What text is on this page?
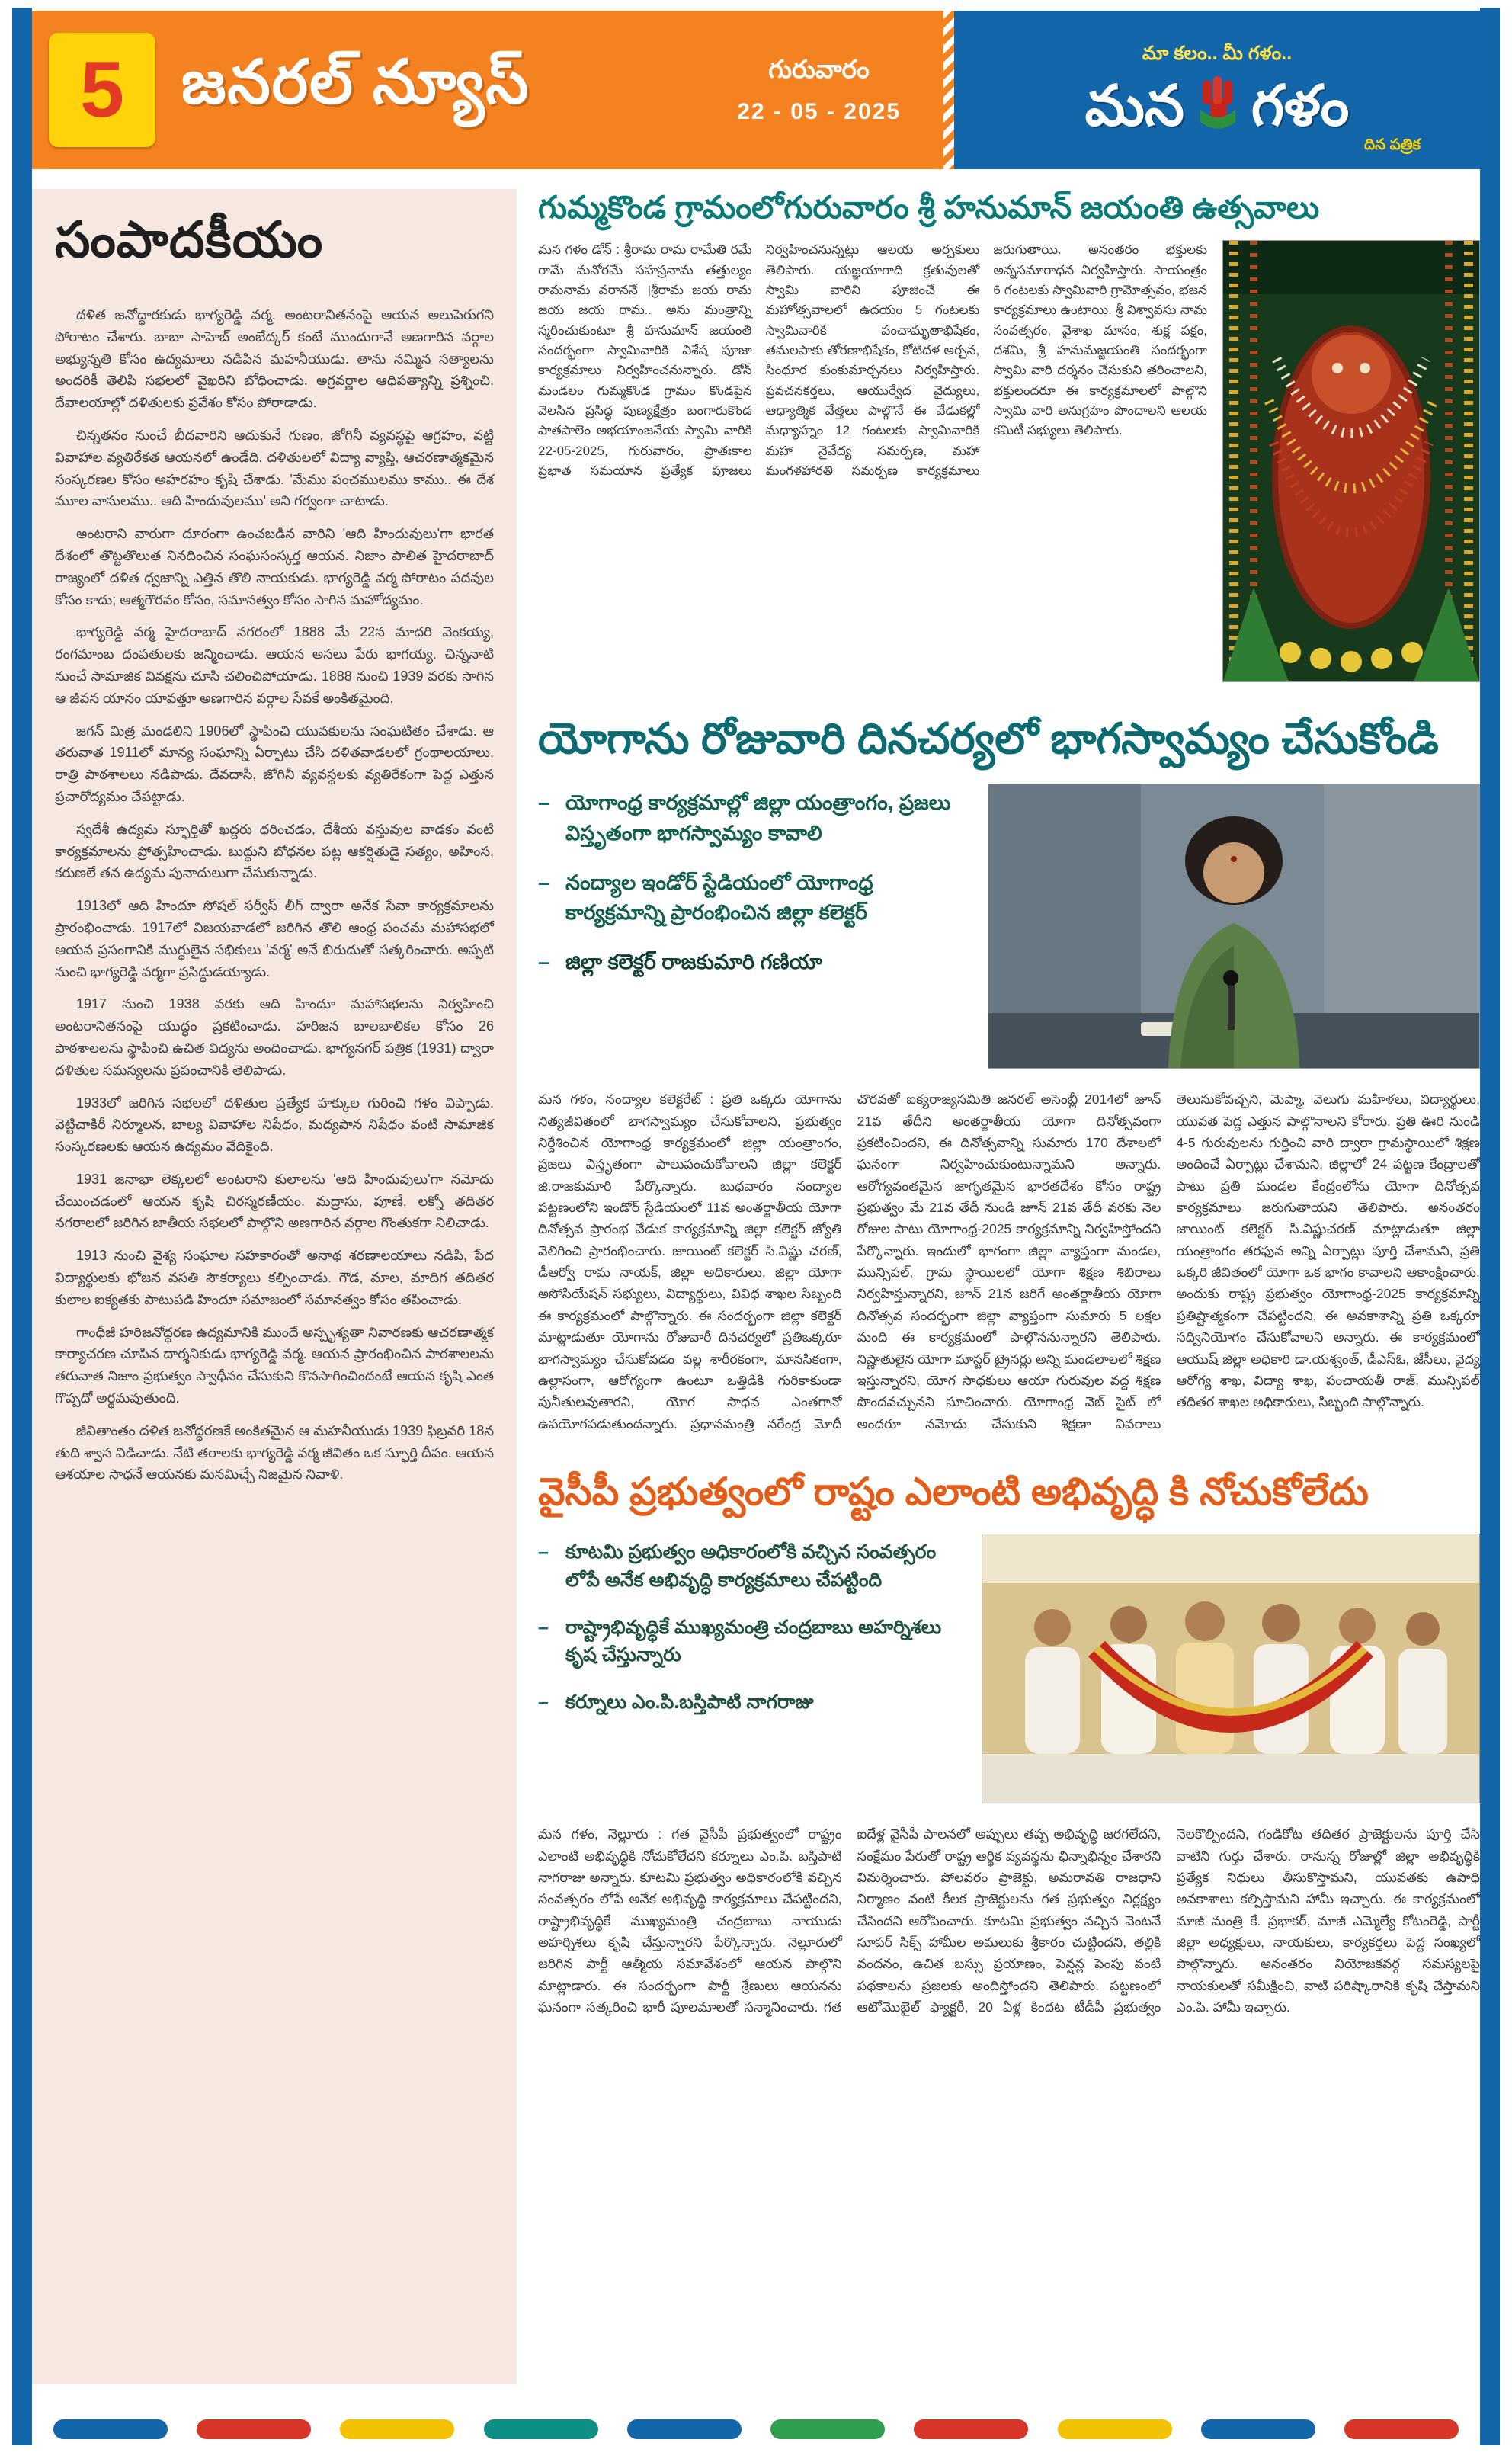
5 జనరల్ న్యూస్	గురువారం
22 - 05 - 2025
మా కలం.. మీ గళం..
మన గళం
దిన పత్రిక
సంపాదకీయం

దళిత జనోద్ధారకుడు భాగ్యరెడ్డి వర్మ. అంటరానితనంపై ఆయన అలుపెరుగని పోరాటం చేశారు. బాబా సాహెబ్ అంబేద్కర్ కంటే ముందుగానే అణగారిన వర్గాల అభ్యున్నతి కోసం ఉద్యమాలు నడిపిన మహనీయుడు. తాను నమ్మిన సత్యాలను అందరికీ తెలిపి సభలలో వైఖరిని బోధించాడు. అగ్రవర్ణాల ఆధిపత్యాన్ని ప్రశ్నించి, దేవాలయాల్లో దళితులకు ప్రవేశం కోసం పోరాడాడు.

చిన్నతనం నుంచే బీదవారిని ఆదుకునే గుణం, జోగినీ వ్యవస్థపై ఆగ్రహం, వట్టి వివాహాల వ్యతిరేకత ఆయనలో ఉండేది. దళితులలో విద్యా వ్యాప్తి, ఆచరణాత్మకమైన సంస్కరణల కోసం అహరహం కృషి చేశాడు. 'మేము పంచములము కాము.. ఈ దేశ మూల వాసులము.. ఆది హిందువులము' అని గర్వంగా చాటాడు.

అంటరాని వారుగా దూరంగా ఉంచబడిన వారిని 'ఆది హిందువులు'గా భారత దేశంలో తొట్టతొలుత నినదించిన సంఘసంస్కర్త ఆయన. నిజాం పాలిత హైదరాబాద్ రాజ్యంలో దళిత ధ్వజాన్ని ఎత్తిన తొలి నాయకుడు. భాగ్యరెడ్డి వర్మ పోరాటం పదవుల కోసం కాదు; ఆత్మగౌరవం కోసం, సమానత్వం కోసం సాగిన మహోద్యమం.

భాగ్యరెడ్డి వర్మ హైదరాబాద్ నగరంలో 1888 మే 22న మాదరి వెంకయ్య, రంగమాంబ దంపతులకు జన్మించాడు. ఆయన అసలు పేరు భాగయ్య. చిన్ననాటి నుంచే సామాజిక వివక్షను చూసి చలించిపోయాడు. 1888 నుంచి 1939 వరకు సాగిన ఆ జీవన యానం యావత్తూ అణగారిన వర్గాల సేవకే అంకితమైంది.

జగన్ మిత్ర మండలిని 1906లో స్థాపించి యువకులను సంఘటితం చేశాడు. ఆ తరువాత 1911లో మాన్య సంఘాన్ని ఏర్పాటు చేసి దళితవాడలలో గ్రంథాలయాలు, రాత్రి పాఠశాలలు నడిపాడు. దేవదాసీ, జోగినీ వ్యవస్థలకు వ్యతిరేకంగా పెద్ద ఎత్తున ప్రచారోద్యమం చేపట్టాడు.

స్వదేశీ ఉద్యమ స్ఫూర్తితో ఖద్దరు ధరించడం, దేశీయ వస్తువుల వాడకం వంటి కార్యక్రమాలను ప్రోత్సహించాడు. బుద్ధుని బోధనల పట్ల ఆకర్షితుడై సత్యం, అహింస, కరుణలే తన ఉద్యమ పునాదులుగా చేసుకున్నాడు.

1913లో ఆది హిందూ సోషల్ సర్వీస్ లీగ్ ద్వారా అనేక సేవా కార్యక్రమాలను ప్రారంభించాడు. 1917లో విజయవాడలో జరిగిన తొలి ఆంధ్ర పంచమ మహాసభలో ఆయన ప్రసంగానికి ముగ్ధులైన సభికులు 'వర్మ' అనే బిరుదుతో సత్కరించారు. అప్పటి నుంచి భాగ్యరెడ్డి వర్మగా ప్రసిద్ధుడయ్యాడు.

1917 నుంచి 1938 వరకు ఆది హిందూ మహాసభలను నిర్వహించి అంటరానితనంపై యుద్ధం ప్రకటించాడు. హరిజన బాలబాలికల కోసం 26 పాఠశాలలను స్థాపించి ఉచిత విద్యను అందించాడు. భాగ్యనగర్ పత్రిక (1931) ద్వారా దళితుల సమస్యలను ప్రపంచానికి తెలిపాడు.

1933లో జరిగిన సభలలో దళితుల ప్రత్యేక హక్కుల గురించి గళం విప్పాడు. వెట్టిచాకిరీ నిర్మూలన, బాల్య వివాహాల నిషేధం, మద్యపాన నిషేధం వంటి సామాజిక సంస్కరణలకు ఆయన ఉద్యమం వేదికైంది.

1931 జనాభా లెక్కలలో అంటరాని కులాలను 'ఆది హిందువులు'గా నమోదు చేయించడంలో ఆయన కృషి చిరస్మరణీయం. మద్రాసు, పూణే, లక్నో తదితర నగరాలలో జరిగిన జాతీయ సభలలో పాల్గొని అణగారిన వర్గాల గొంతుకగా నిలిచాడు.

1913 నుంచి వైశ్య సంఘాల సహకారంతో అనాథ శరణాలయాలు నడిపి, పేద విద్యార్థులకు భోజన వసతి సౌకర్యాలు కల్పించాడు. గౌడ, మాల, మాదిగ తదితర కులాల ఐక్యతకు పాటుపడి హిందూ సమాజంలో సమానత్వం కోసం తపించాడు.

గాంధీజీ హరిజనోద్ధరణ ఉద్యమానికి ముందే అస్పృశ్యతా నివారణకు ఆచరణాత్మక కార్యాచరణ చూపిన దార్శనికుడు భాగ్యరెడ్డి వర్మ. ఆయన ప్రారంభించిన పాఠశాలలను తరువాత నిజాం ప్రభుత్వం స్వాధీనం చేసుకుని కొనసాగించిందంటే ఆయన కృషి ఎంత గొప్పదో అర్థమవుతుంది.

జీవితాంతం దళిత జనోద్ధరణకే అంకితమైన ఆ మహనీయుడు 1939 ఫిబ్రవరి 18న తుది శ్వాస విడిచాడు. నేటి తరాలకు భాగ్యరెడ్డి వర్మ జీవితం ఒక స్ఫూర్తి దీపం. ఆయన ఆశయాల సాధనే ఆయనకు మనమిచ్చే నిజమైన నివాళి.

గుమ్మకొండ గ్రామంలోగురువారం శ్రీ హనుమాన్ జయంతి ఉత్సవాలు
మన గళం డోన్ : శ్రీరామ రామ రామేతి రమే రామే మనోరమే సహస్రనామ తత్తుల్యం రామనామ వరాననే ।శ్రీరామ జయ రామ జయ జయ రామ.. అను మంత్రాన్ని స్మరించుకుంటూ శ్రీ హనుమాన్ జయంతి సందర్భంగా స్వామివారికి విశేష పూజా కార్యక్రమాలు నిర్వహించనున్నారు. డోన్ మండలం గుమ్మకొండ గ్రామం కొండపైన వెలసిన ప్రసిద్ధ పుణ్యక్షేత్రం బంగారుకొండ పాతపాలెం అభయాంజనేయ స్వామి వారికి 22-05-2025, గురువారం, ప్రాతఃకాల ప్రభాత సమయాన ప్రత్యేక పూజలు నిర్వహించనున్నట్లు ఆలయ అర్చకులు తెలిపారు. యజ్ఞయాగాది క్రతువులతో స్వామి వారిని పూజించే ఈ మహోత్సవాలలో ఉదయం 5 గంటలకు స్వామివారికి పంచామృతాభిషేకం, తమలపాకు తోరణాభిషేకం, కోటిదళ అర్చన, సింధూర కుంకుమార్చనలు నిర్వహిస్తారు. ప్రవచనకర్తలు, ఆయుర్వేద వైద్యులు, ఆధ్యాత్మిక వేత్తలు పాల్గొనే ఈ వేడుకల్లో మధ్యాహ్నం 12 గంటలకు స్వామివారికి మహా నైవేద్య సమర్పణ, మహా మంగళహారతి సమర్పణ కార్యక్రమాలు జరుగుతాయి. అనంతరం భక్తులకు అన్నసమారాధన నిర్వహిస్తారు. సాయంత్రం 6 గంటలకు స్వామివారి గ్రామోత్సవం, భజన కార్యక్రమాలు ఉంటాయి. శ్రీ విశ్వావసు నామ సంవత్సరం, వైశాఖ మాసం, శుక్ల పక్షం, దశమి, శ్రీ హనుమజ్జయంతి సందర్భంగా స్వామి వారి దర్శనం చేసుకుని తరించాలని, భక్తులందరూ ఈ కార్యక్రమాలలో పాల్గొని స్వామి వారి అనుగ్రహం పొందాలని ఆలయ కమిటీ సభ్యులు తెలిపారు.
యోగాను రోజువారి దినచర్యలో భాగస్వామ్యం చేసుకోండి
– యోగాంధ్ర కార్యక్రమాల్లో జిల్లా యంత్రాంగం, ప్రజలు విస్తృతంగా భాగస్వామ్యం కావాలి
– నంద్యాల ఇండోర్ స్టేడియంలో యోగాంధ్ర కార్యక్రమాన్ని ప్రారంభించిన జిల్లా కలెక్టర్
– జిల్లా కలెక్టర్ రాజకుమారి గణియా
మన గళం, నంద్యాల కలెక్టరేట్ : ప్రతి ఒక్కరు యోగాను నిత్యజీవితంలో భాగస్వామ్యం చేసుకోవాలని, ప్రభుత్వం నిర్దేశించిన యోగాంధ్ర కార్యక్రమంలో జిల్లా యంత్రాంగం, ప్రజలు విస్తృతంగా పాలుపంచుకోవాలని జిల్లా కలెక్టర్ జి.రాజకుమారి పేర్కొన్నారు. బుధవారం నంద్యాల పట్టణంలోని ఇండోర్ స్టేడియంలో 11వ అంతర్జాతీయ యోగా దినోత్సవ ప్రారంభ వేడుక కార్యక్రమాన్ని జిల్లా కలెక్టర్ జ్యోతి వెలిగించి ప్రారంభించారు. జాయింట్ కలెక్టర్ సి.విష్ణు చరణ్, డీఆర్వో రామ నాయక్, జిల్లా అధికారులు, జిల్లా యోగా అసోసియేషన్ సభ్యులు, విద్యార్థులు, వివిధ శాఖల సిబ్బంది ఈ కార్యక్రమంలో పాల్గొన్నారు. ఈ సందర్భంగా జిల్లా కలెక్టర్ మాట్లాడుతూ యోగాను రోజువారీ దినచర్యలో ప్రతిఒక్కరూ భాగస్వామ్యం చేసుకోవడం వల్ల శారీరకంగా, మానసికంగా, ఉల్లాసంగా, ఆరోగ్యంగా ఉంటూ ఒత్తిడికి గురికాకుండా పునీతులవుతారని, యోగ సాధన ఎంతగానో ఉపయోగపడుతుందన్నారు. ప్రధానమంత్రి నరేంద్ర మోదీ చొరవతో ఐక్యరాజ్యసమితి జనరల్ అసెంబ్లీ 2014లో జూన్ 21వ తేదీని అంతర్జాతీయ యోగా దినోత్సవంగా ప్రకటించిందని, ఈ దినోత్సవాన్ని సుమారు 170 దేశాలలో ఘనంగా నిర్వహించుకుంటున్నామని అన్నారు. ఆరోగ్యవంతమైన జాగృతమైన భారతదేశం కోసం రాష్ట్ర ప్రభుత్వం మే 21వ తేదీ నుండి జూన్ 21వ తేదీ వరకు నెల రోజుల పాటు యోగాంధ్ర-2025 కార్యక్రమాన్ని నిర్వహిస్తోందని పేర్కొన్నారు. ఇందులో భాగంగా జిల్లా వ్యాప్తంగా మండల, మున్సిపల్, గ్రామ స్థాయిలలో యోగా శిక్షణ శిబిరాలు నిర్వహిస్తున్నారని, జూన్ 21న జరిగే అంతర్జాతీయ యోగా దినోత్సవ సందర్భంగా జిల్లా వ్యాప్తంగా సుమారు 5 లక్షల మంది ఈ కార్యక్రమంలో పాల్గొననున్నారని తెలిపారు. నిష్ణాతులైన యోగా మాస్టర్ ట్రైనర్లు అన్ని మండలాలలో శిక్షణ ఇస్తున్నారని, యోగ సాధకులు ఆయా గురువుల వద్ద శిక్షణ పొందవచ్చునని సూచించారు. యోగాంధ్ర వెబ్ సైట్ లో అందరూ నమోదు చేసుకుని శిక్షణా వివరాలు తెలుసుకోవచ్చని, మెప్మా, వెలుగు మహిళలు, విద్యార్థులు, యువత పెద్ద ఎత్తున పాల్గొనాలని కోరారు. ప్రతి ఊరి నుండి 4-5 గురువులను గుర్తించి వారి ద్వారా గ్రామస్థాయిలో శిక్షణ అందించే ఏర్పాట్లు చేశామని, జిల్లాలో 24 పట్టణ కేంద్రాలతో పాటు ప్రతి మండల కేంద్రంలోను యోగా దినోత్సవ కార్యక్రమాలు జరుగుతాయని తెలిపారు. అనంతరం జాయింట్ కలెక్టర్ సి.విష్ణుచరణ్ మాట్లాడుతూ జిల్లా యంత్రాంగం తరఫున అన్ని ఏర్పాట్లు పూర్తి చేశామని, ప్రతి ఒక్కరి జీవితంలో యోగా ఒక భాగం కావాలని ఆకాంక్షించారు. అందుకు రాష్ట్ర ప్రభుత్వం యోగాంధ్ర-2025 కార్యక్రమాన్ని ప్రతిష్టాత్మకంగా చేపట్టిందని, ఈ అవకాశాన్ని ప్రతి ఒక్కరూ సద్వినియోగం చేసుకోవాలని అన్నారు. ఈ కార్యక్రమంలో ఆయుష్ జిల్లా అధికారి డా.యశ్వంత్, డీఎస్ఓ, జేసీలు, వైద్య ఆరోగ్య శాఖ, విద్యా శాఖ, పంచాయతీ రాజ్, మున్సిపల్ తదితర శాఖల అధికారులు, సిబ్బంది పాల్గొన్నారు.
వైసీపీ ప్రభుత్వంలో రాష్టం ఎలాంటి అభివృద్ధి కి నోచుకోలేదు
– కూటమి ప్రభుత్వం అధికారంలోకి వచ్చిన సంవత్సరం లోపే అనేక అభివృద్ధి కార్యక్రమాలు చేపట్టింది
– రాష్ట్రాభివృద్ధికే ముఖ్యమంత్రి చంద్రబాబు అహర్నిశలు కృష చేస్తున్నారు
– కర్నూలు ఎం.పి.బస్తిపాటి నాగరాజు
మన గళం, నెల్లూరు : గత వైసీపీ ప్రభుత్వంలో రాష్ట్రం ఎలాంటి అభివృద్ధికి నోచుకోలేదని కర్నూలు ఎం.పి. బస్తిపాటి నాగరాజు అన్నారు. కూటమి ప్రభుత్వం అధికారంలోకి వచ్చిన సంవత్సరం లోపే అనేక అభివృద్ధి కార్యక్రమాలు చేపట్టిందని, రాష్ట్రాభివృద్ధికే ముఖ్యమంత్రి చంద్రబాబు నాయుడు అహర్నిశలు కృషి చేస్తున్నారని పేర్కొన్నారు. నెల్లూరులో జరిగిన పార్టీ ఆత్మీయ సమావేశంలో ఆయన పాల్గొని మాట్లాడారు. ఈ సందర్భంగా పార్టీ శ్రేణులు ఆయనను ఘనంగా సత్కరించి భారీ పూలమాలతో సన్మానించారు. గత ఐదేళ్ల వైసీపీ పాలనలో అప్పులు తప్ప అభివృద్ధి జరగలేదని, సంక్షేమం పేరుతో రాష్ట్ర ఆర్థిక వ్యవస్థను ఛిన్నాభిన్నం చేశారని విమర్శించారు. పోలవరం ప్రాజెక్టు, అమరావతి రాజధాని నిర్మాణం వంటి కీలక ప్రాజెక్టులను గత ప్రభుత్వం నిర్లక్ష్యం చేసిందని ఆరోపించారు. కూటమి ప్రభుత్వం వచ్చిన వెంటనే సూపర్ సిక్స్ హామీల అమలుకు శ్రీకారం చుట్టిందని, తల్లికి వందనం, ఉచిత బస్సు ప్రయాణం, పెన్షన్ల పెంపు వంటి పథకాలను ప్రజలకు అందిస్తోందని తెలిపారు. పట్టణంలో ఆటోమొబైల్ ఫ్యాక్టరీ, 20 ఏళ్ల కిందట టీడీపీ ప్రభుత్వం నెలకొల్పిందని, గండికోట తదితర ప్రాజెక్టులను పూర్తి చేసి వాటిని గుర్తు చేశారు. రానున్న రోజుల్లో జిల్లా అభివృద్ధికి ప్రత్యేక నిధులు తీసుకొస్తామని, యువతకు ఉపాధి అవకాశాలు కల్పిస్తామని హామీ ఇచ్చారు. ఈ కార్యక్రమంలో మాజీ మంత్రి కే. ప్రభాకర్, మాజీ ఎమ్మెల్యే కోటంరెడ్డి, పార్టీ జిల్లా అధ్యక్షులు, నాయకులు, కార్యకర్తలు పెద్ద సంఖ్యలో పాల్గొన్నారు. అనంతరం నియోజకవర్గ సమస్యలపై నాయకులతో సమీక్షించి, వాటి పరిష్కారానికి కృషి చేస్తామని ఎం.పి. హామీ ఇచ్చారు.
